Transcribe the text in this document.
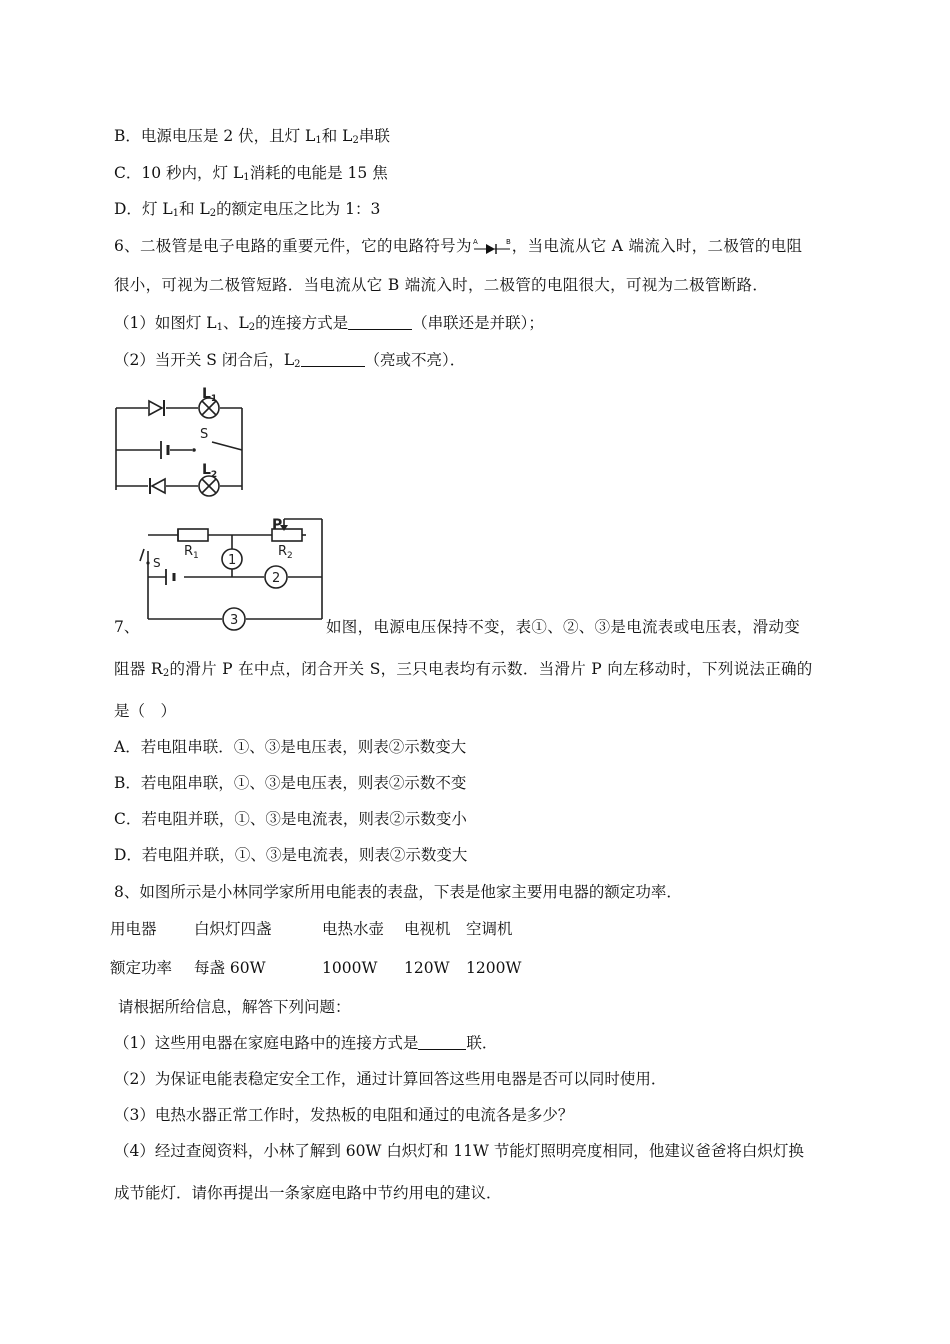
B．电源电压是 2 伏，且灯 $L_1$和 $L_2$串联
C．10 秒内，灯 $L_1$消耗的电能是 15 焦
D．灯 $L_1$和 $L_2$的额定电压之比为 1：3
6、二极管是电子电路的重要元件，它的电路符号为 A	B ，当电流从它 A 端流入时，二极管的电阻
很小，可视为二极管短路．当电流从它 B 端流入时，二极管的电阻很大，可视为二极管断路．
（1）如图灯 $L_1$、$L_2$的连接方式是	（串联还是并联）；
（2）当开关 S 闭合后，$L_2$	（亮或不亮）．
$L_1$
$L_2$
S
P
S
$R_1$	$R_2$
1
2
3
7、	如图，电源电压保持不变，表①、②、③是电流表或电压表，滑动变
阻器 $R_2$的滑片 P 在中点，闭合开关 S，三只电表均有示数．当滑片 P 向左移动时，下列说法正确的
是（　）
A．若电阻串联．①、③是电压表，则表②示数变大
B．若电阻串联，①、③是电压表，则表②示数不变
C．若电阻并联，①、③是电流表，则表②示数变小
D．若电阻并联，①、③是电流表，则表②示数变大
8、如图所示是小林同学家所用电能表的表盘，下表是他家主要用电器的额定功率．
用电器 白炽灯四盏	电热水壶 电视机 空调机
额定功率 每盏 60W	1000W 120W 1200W
请根据所给信息，解答下列问题：
（1）这些用电器在家庭电路中的连接方式是	联．
（2）为保证电能表稳定安全工作，通过计算回答这些用电器是否可以同时使用．
（3）电热水器正常工作时，发热板的电阻和通过的电流各是多少？
（4）经过查阅资料，小林了解到 60W 白炽灯和 11W 节能灯照明亮度相同，他建议爸爸将白炽灯换
成节能灯．请你再提出一条家庭电路中节约用电的建议．
